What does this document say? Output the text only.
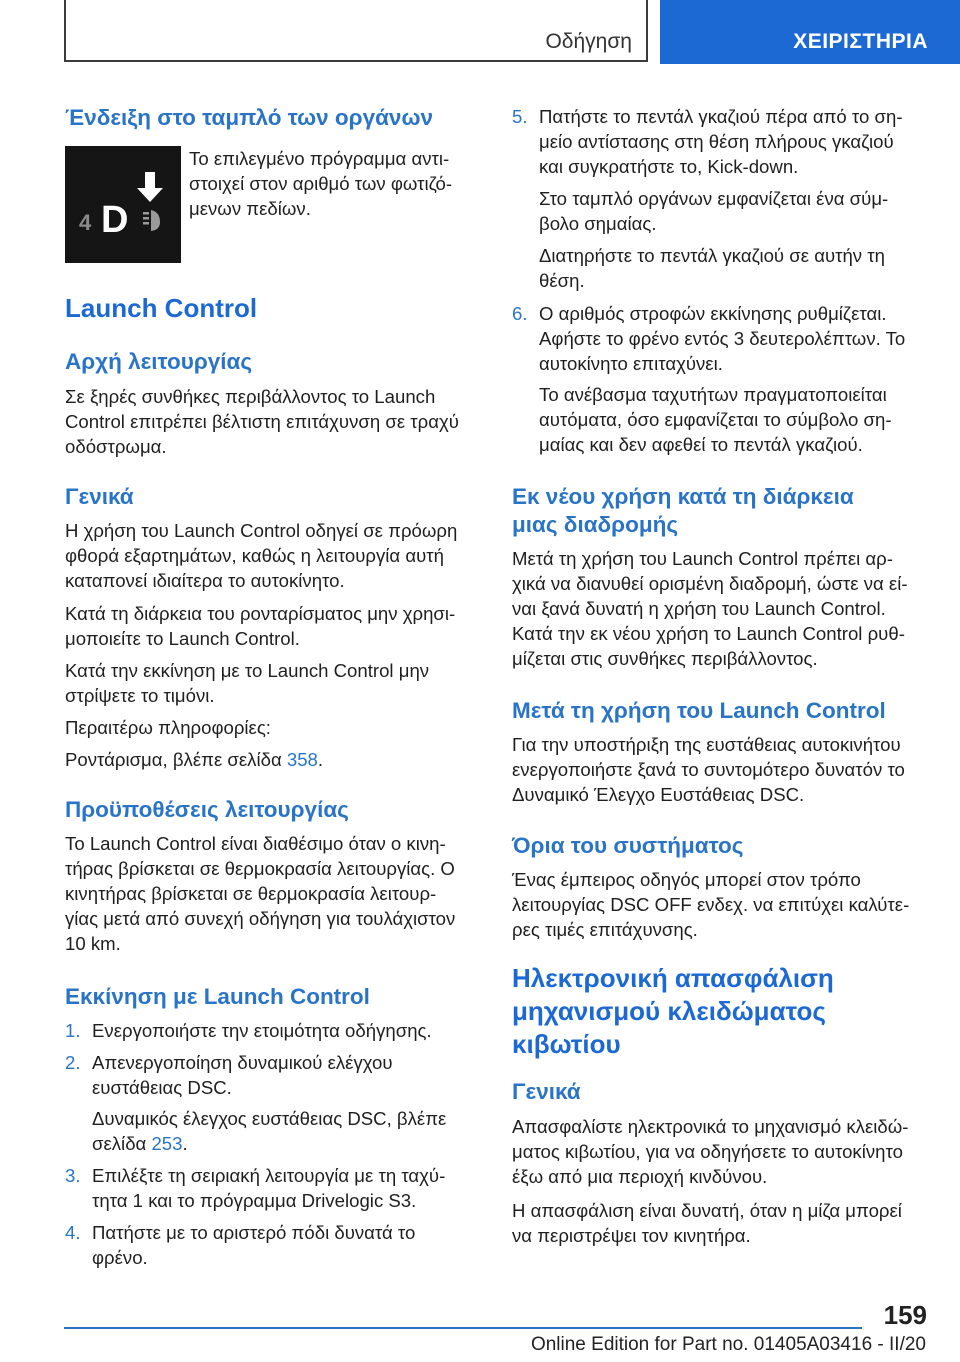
Οδήγηση	ΧΕΙΡΙΣΤΗΡΙΑ
Ένδειξη στο ταμπλό των οργάνων
Το επιλεγμένο πρόγραμμα αντι-
στοιχεί στον αριθμό των φωτιζό-
μενων πεδίων.
Launch Control
Αρχή λειτουργίας
Σε ξηρές συνθήκες περιβάλλοντος το Launch
Control επιτρέπει βέλτιστη επιτάχυνση σε τραχύ
οδόστρωμα.
Γενικά
Η χρήση του Launch Control οδηγεί σε πρόωρη
φθορά εξαρτημάτων, καθώς η λειτουργία αυτή
καταπονεί ιδιαίτερα το αυτοκίνητο.
Κατά τη διάρκεια του ρονταρίσματος μην χρησι-
μοποιείτε το Launch Control.
Κατά την εκκίνηση με το Launch Control μην
στρίψετε το τιμόνι.
Περαιτέρω πληροφορίες:
Ροντάρισμα, βλέπε σελίδα 358.
Προϋποθέσεις λειτουργίας
Το Launch Control είναι διαθέσιμο όταν ο κινη-
τήρας βρίσκεται σε θερμοκρασία λειτουργίας. Ο
κινητήρας βρίσκεται σε θερμοκρασία λειτουρ-
γίας μετά από συνεχή οδήγηση για τουλάχιστον
10 km.
Εκκίνηση με Launch Control
1. Ενεργοποιήστε την ετοιμότητα οδήγησης.
2. Απενεργοποίηση δυναμικού ελέγχου
ευστάθειας DSC.
Δυναμικός έλεγχος ευστάθειας DSC, βλέπε
σελίδα 253.
3. Επιλέξτε τη σειριακή λειτουργία με τη ταχύ-
τητα 1 και το πρόγραμμα Drivelogic S3.
4. Πατήστε με το αριστερό πόδι δυνατά το
φρένο.
4 D
5. Πατήστε το πεντάλ γκαζιού πέρα από το ση-
μείο αντίστασης στη θέση πλήρους γκαζιού
και συγκρατήστε το, Kick-down.
Στο ταμπλό οργάνων εμφανίζεται ένα σύμ-
βολο σημαίας.
Διατηρήστε το πεντάλ γκαζιού σε αυτήν τη
θέση.
6. Ο αριθμός στροφών εκκίνησης ρυθμίζεται.
Αφήστε το φρένο εντός 3 δευτερολέπτων. Το
αυτοκίνητο επιταχύνει.
Το ανέβασμα ταχυτήτων πραγματοποιείται
αυτόματα, όσο εμφανίζεται το σύμβολο ση-
μαίας και δεν αφεθεί το πεντάλ γκαζιού.
Εκ νέου χρήση κατά τη διάρκεια
μιας διαδρομής
Μετά τη χρήση του Launch Control πρέπει αρ-
χικά να διανυθεί ορισμένη διαδρομή, ώστε να εί-
ναι ξανά δυνατή η χρήση του Launch Control.
Κατά την εκ νέου χρήση το Launch Control ρυθ-
μίζεται στις συνθήκες περιβάλλοντος.
Μετά τη χρήση του Launch Control
Για την υποστήριξη της ευστάθειας αυτοκινήτου
ενεργοποιήστε ξανά το συντομότερο δυνατόν το
Δυναμικό Έλεγχο Ευστάθειας DSC.
Όρια του συστήματος
Ένας έμπειρος οδηγός μπορεί στον τρόπο
λειτουργίας DSC OFF ενδεχ. να επιτύχει καλύτε-
ρες τιμές επιτάχυνσης.
Ηλεκτρονική απασφάλιση
μηχανισμού κλειδώματος
κιβωτίου
Γενικά
Απασφαλίστε ηλεκτρονικά το μηχανισμό κλειδώ-
ματος κιβωτίου, για να οδηγήσετε το αυτοκίνητο
έξω από μια περιοχή κινδύνου.
Η απασφάλιση είναι δυνατή, όταν η μίζα μπορεί
να περιστρέψει τον κινητήρα.
159
Online Edition for Part no. 01405A03416 - II/20
